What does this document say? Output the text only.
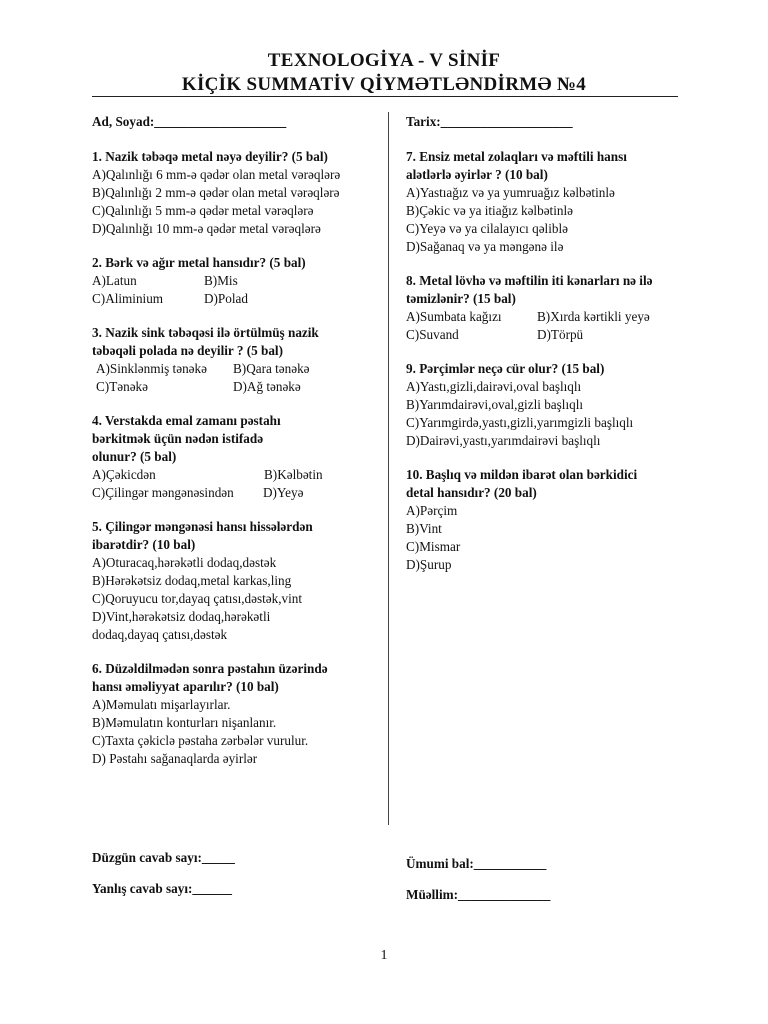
TEXNOLOGİYA - V SİNİF
KİÇİK SUMMATİV QİYMƏTLƏNDİRMƏ №4
Ad, Soyad:____________________
1. Nazik təbəqə metal nəyə deyilir? (5 bal)
A)Qalınlığı 6 mm-ə qədər olan metal vərəqlərə
B)Qalınlığı 2 mm-ə qədər olan metal vərəqlərə
C)Qalınlığı 5 mm-ə qədər metal vərəqlərə
D)Qalınlığı 10 mm-ə qədər metal vərəqlərə
2. Bərk və ağır metal hansıdır? (5 bal)
A)Latun	B)Mis
C)Aliminium	D)Polad
3. Nazik sink təbəqəsi ilə örtülmüş nazik
təbəqəli polada nə deyilir ? (5 bal)
A)Sinklənmiş tənəkə	B)Qara tənəkə
C)Tənəkə	D)Ağ tənəkə
4. Verstakda emal zamanı pəstahı
bərkitmək üçün nədən istifadə
olunur? (5 bal)
A)Çəkicdən	B)Kəlbətin
C)Çilingər məngənəsindən	D)Yeyə
5. Çilingər məngənəsi hansı hissələrdən
ibarətdir? (10 bal)
A)Oturacaq,hərəkətli dodaq,dəstək
B)Hərəkətsiz dodaq,metal karkas,ling
C)Qoruyucu tor,dayaq çatısı,dəstək,vint
D)Vint,hərəkətsiz dodaq,hərəkətli
dodaq,dayaq çatısı,dəstək
6. Düzəldilmədən sonra pəstahın üzərində
hansı əməliyyat aparılır? (10 bal)
A)Məmulatı mişarlayırlar.
B)Məmulatın konturları nişanlanır.
C)Taxta çəkiclə pəstaha zərbələr vurulur.
D) Pəstahı sağanaqlarda əyirlər
Tarix:____________________
7. Ensiz metal zolaqları və məftili hansı
alətlərlə əyirlər ? (10 bal)
A)Yastıağız və ya yumruağız kəlbətinlə
B)Çəkic və ya itiağız kəlbətinlə
C)Yeyə və ya cilalayıcı qəliblə
D)Sağanaq və ya məngənə ilə
8. Metal lövhə və məftilin iti kənarları nə ilə
təmizlənir? (15 bal)
A)Sumbata kağızı	B)Xırda kərtikli yeyə
C)Suvand	D)Törpü
9. Pərçimlər neçə cür olur? (15 bal)
A)Yastı,gizli,dairəvi,oval başlıqlı
B)Yarımdairəvi,oval,gizli başlıqlı
C)Yarımgirdə,yastı,gizli,yarımgizli başlıqlı
D)Dairəvi,yastı,yarımdairəvi başlıqlı
10. Başlıq və mildən ibarət olan bərkidici
detal hansıdır? (20 bal)
A)Pərçim
B)Vint
C)Mismar
D)Şurup
Düzgün cavab sayı:_____
Yanlış cavab sayı:______
Ümumi bal:___________
Müəllim:______________
1
